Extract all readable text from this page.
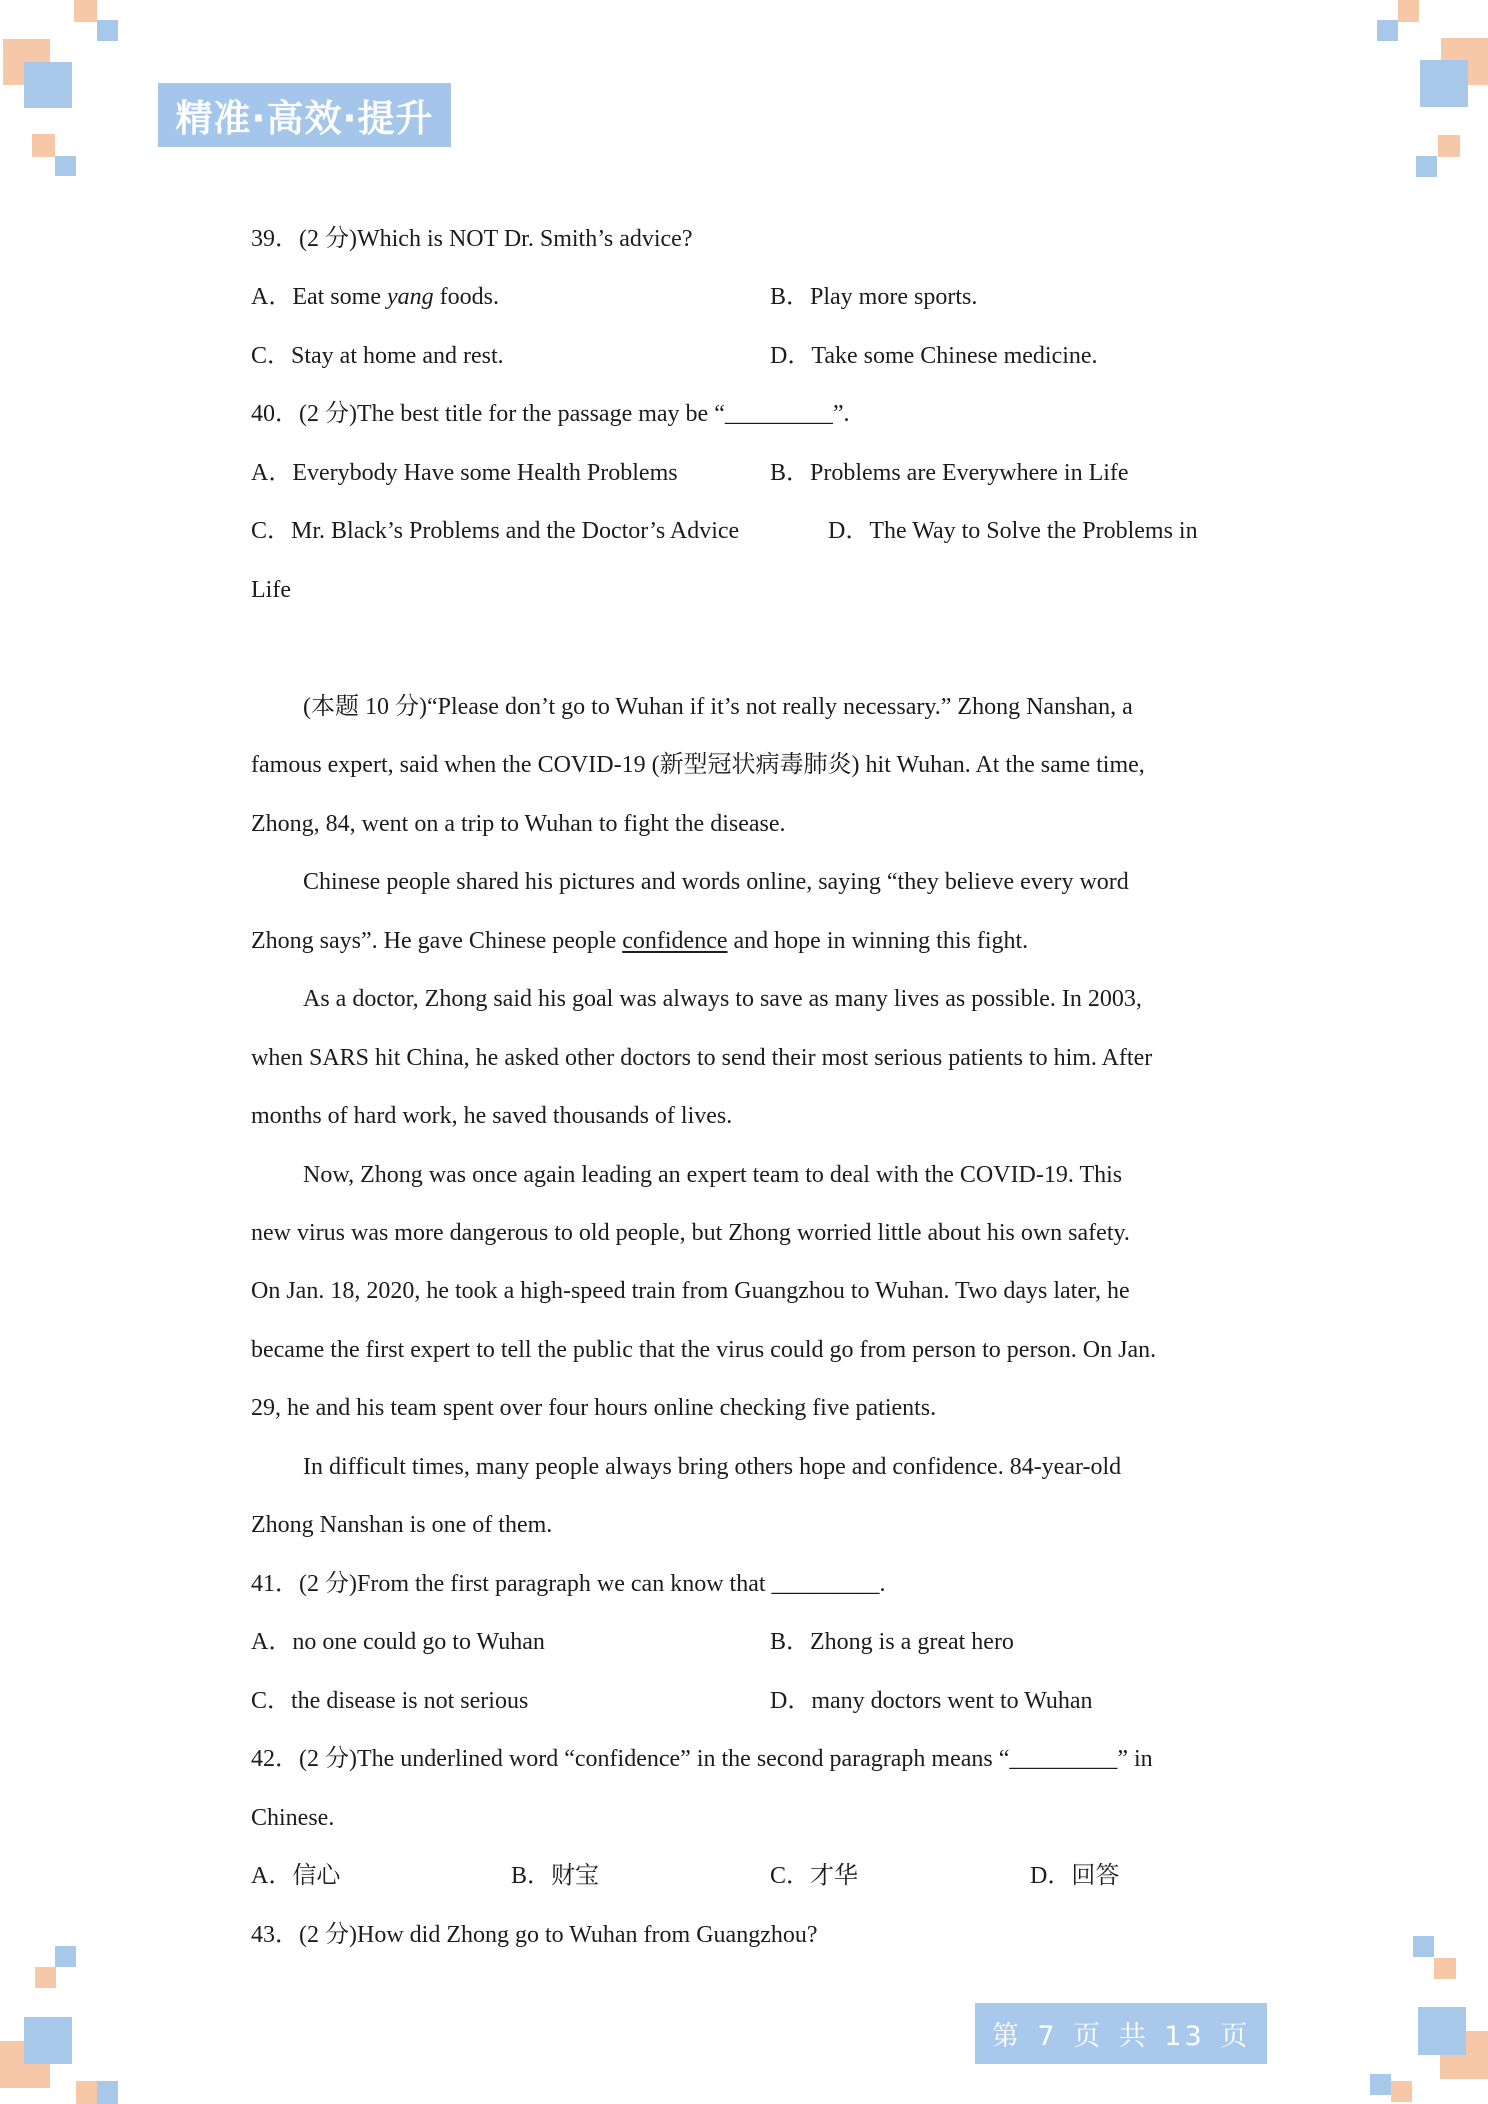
精准·高效·提升
39．(2 分)Which is NOT Dr. Smith’s advice?
A．Eat some yang foods.	B．Play more sports.
C．Stay at home and rest.	D．Take some Chinese medicine.
40．(2 分)The best title for the passage may be “_________”.
A．Everybody Have some Health Problems	B．Problems are Everywhere in Life
C．Mr. Black’s Problems and the Doctor’s Advice	D．The Way to Solve the Problems in
Life
(本题 10 分)“Please don’t go to Wuhan if it’s not really necessary.” Zhong Nanshan, a
famous expert, said when the COVID-19 (新型冠状病毒肺炎) hit Wuhan. At the same time,
Zhong, 84, went on a trip to Wuhan to fight the disease.
Chinese people shared his pictures and words online, saying “they believe every word
Zhong says”. He gave Chinese people confidence and hope in winning this fight.
As a doctor, Zhong said his goal was always to save as many lives as possible. In 2003,
when SARS hit China, he asked other doctors to send their most serious patients to him. After
months of hard work, he saved thousands of lives.
Now, Zhong was once again leading an expert team to deal with the COVID-19. This
new virus was more dangerous to old people, but Zhong worried little about his own safety.
On Jan. 18, 2020, he took a high-speed train from Guangzhou to Wuhan. Two days later, he
became the first expert to tell the public that the virus could go from person to person. On Jan.
29, he and his team spent over four hours online checking five patients.
In difficult times, many people always bring others hope and confidence. 84-year-old
Zhong Nanshan is one of them.
41．(2 分)From the first paragraph we can know that _________.
A．no one could go to Wuhan	B．Zhong is a great hero
C．the disease is not serious	D．many doctors went to Wuhan
42．(2 分)The underlined word “confidence” in the second paragraph means “_________” in
Chinese.
A．信心	B．财宝	C．才华	D．回答
43．(2 分)How did Zhong go to Wuhan from Guangzhou?
第 7 页 共 13 页
